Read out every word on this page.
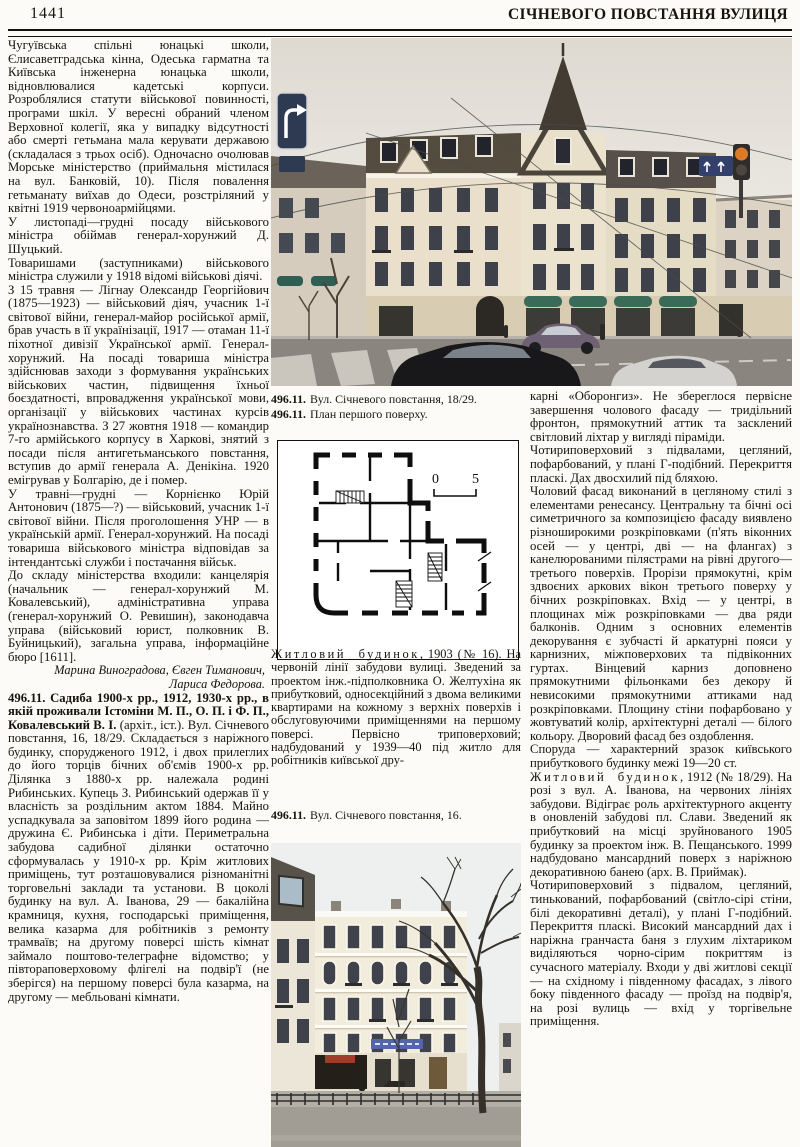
1441	СІЧНЕВОГО ПОВСТАННЯ ВУЛИЦЯ

Чугуївська спільні юнацькі школи, Єлисаветградська кінна, Одеська гарматна та Київська інженерна юнацька школи, відновлювалися кадетські корпуси. Розроблялися статути військової повинності, програми шкіл. У вересні обраний членом Верховної колегії, яка у випадку відсутності або смерті гетьмана мала керувати державою (складалася з трьох осіб). Одночасно очолював Морське міністерство (приймальня містилася на вул. Банковій, 10). Після повалення гетьманату виїхав до Одеси, розстріляний у квітні 1919 червоноармійцями.

У листопаді—грудні посаду військового міністра обіймав генерал-хорунжий Д. Шуцький.

Товаришами (заступниками) військового міністра служили у 1918 відомі військові діячі.

З 15 травня — Лігнау Олександр Георгійович (1875—1923) — військовий діяч, учасник 1-ї світової війни, генерал-майор російської армії, брав участь в її українізації, 1917 — отаман 11-ї піхотної дивізії Української армії. Генерал-хорунжий. На посаді товариша міністра здійснював заходи з формування українських військових частин, підвищення їхньої боєздатності, впровадження української мови, організації у військових частинах курсів українознавства. З 27 жовтня 1918 — командир 7-го армійського корпусу в Харкові, знятий з посади після антигетьманського повстання, вступив до армії генерала А. Денікіна. 1920 емігрував у Болгарію, де і помер.

У травні—грудні — Корнієнко Юрій Антонович (1875—?) — військовий, учасник 1-ї світової війни. Після проголошення УНР — в українській армії. Генерал-хорунжий. На посаді товариша військового міністра відповідав за інтендантські служби і постачання військ.

До складу міністерства входили: канцелярія (начальник — генерал-хорунжий М. Ковалевський), адміністративна управа (генерал-хорунжий О. Ревишин), законодавча управа (військовий юрист, полковник В. Буйницький), загальна управа, інформаційне бюро [1611].

Марина Виноградова, Євген Тиманович,
Лариса Федорова.

496.11. Садиба 1900-х рр., 1912, 1930-х рр., в якій проживали Істоміни М. П., О. П. і Ф. П., Ковалевський В. І. (архіт., іст.). Вул. Січневого повстання, 16, 18/29. Складається з наріжного будинку, спорудженого 1912, і двох прилеглих до його торців бічних об'ємів 1900-х рр. Ділянка з 1880-х рр. належала родині Рибинських. Купець З. Рибинський одержав її у власність за роздільним актом 1884. Майно успадкувала за заповітом 1899 його родина — дружина Є. Рибинська і діти. Периметральна забудова садибної ділянки остаточно сформувалась у 1910-х рр. Крім житлових приміщень, тут розташовувалися різноманітні торговельні заклади та установи. В цоколі будинку на вул. А. Іванова, 29 — бакалійна крамниця, кухня, господарські приміщення, велика казарма для робітників з ремонту трамваїв; на другому поверсі шість кімнат займало поштово-телеграфне відомство; у півтораповерховому флігелі на подвір'ї (не зберігся) на першому поверсі була казарма, на другому — мебльовані кімнати.

496.11. Вул. Січневого повстання, 18/29.
496.11. План першого поверху.
0 5

Житловий будинок, 1903 (№ 16). На червоній лінії забудови вулиці. Зведений за проектом інж.-підполковника О. Желтухіна як прибутковий, односекційний з двома великими квартирами на кожному з верхніх поверхів і обслуговуючими приміщеннями на першому поверсі. Первісно триповерховий; надбудований у 1939—40 під житло для робітників київської дру-

496.11. Вул. Січневого повстання, 16.

карні «Оборонгиз». Не збереглося первісне завершення чолового фасаду — тридільний фронтон, прямокутний аттик та засклений світловий ліхтар у вигляді піраміди.

Чотириповерховий з підвалами, цегляний, пофарбований, у плані Г-подібний. Перекриття пласкі. Дах двосхилий під бляхою.

Чоловий фасад виконаний в цегляному стилі з елементами ренесансу. Центральну та бічні осі симетричного за композицією фасаду виявлено різноширокими розкріповками (п'ять віконних осей — у центрі, дві — на флангах) з канелюрованими пілястрами на рівні другого—третього поверхів. Прорізи прямокутні, крім здвоєних аркових вікон третього поверху у бічних розкріповках. Вхід — у центрі, в площинах між розкріповками — два ряди балконів. Одним з основних елементів декорування є зубчасті й аркатурні пояси у карнизних, міжповерхових та підвіконних гуртах. Вінцевий карниз доповнено прямокутними фільонками без декору й невисокими прямокутними аттиками над розкріповками. Площину стіни пофарбовано у жовтуватий колір, архітектурні деталі — білого кольору. Дворовий фасад без оздоблення.

Споруда — характерний зразок київського прибуткового будинку межі 19—20 ст.

Житловий будинок, 1912 (№ 18/29). На розі з вул. А. Іванова, на червоних лініях забудови. Відіграє роль архітектурного акценту в оновленій забудові пл. Слави. Зведений як прибутковий на місці зруйнованого 1905 будинку за проектом інж. В. Пещанського. 1999 надбудовано мансардний поверх з наріжною декоративною банею (арх. В. Приймак).

Чотириповерховий з підвалом, цегляний, тинькований, пофарбований (світло-сірі стіни, білі декоративні деталі), у плані Г-подібний. Перекриття пласкі. Високий мансардний дах і наріжна гранчаста баня з глухим ліхтариком виділяються чорно-сірим покриттям із сучасного матеріалу. Входи у дві житлові секції — на східному і південному фасадах, з лівого боку південного фасаду — проїзд на подвір'я, на розі вулиць — вхід у торгівельне приміщення.
